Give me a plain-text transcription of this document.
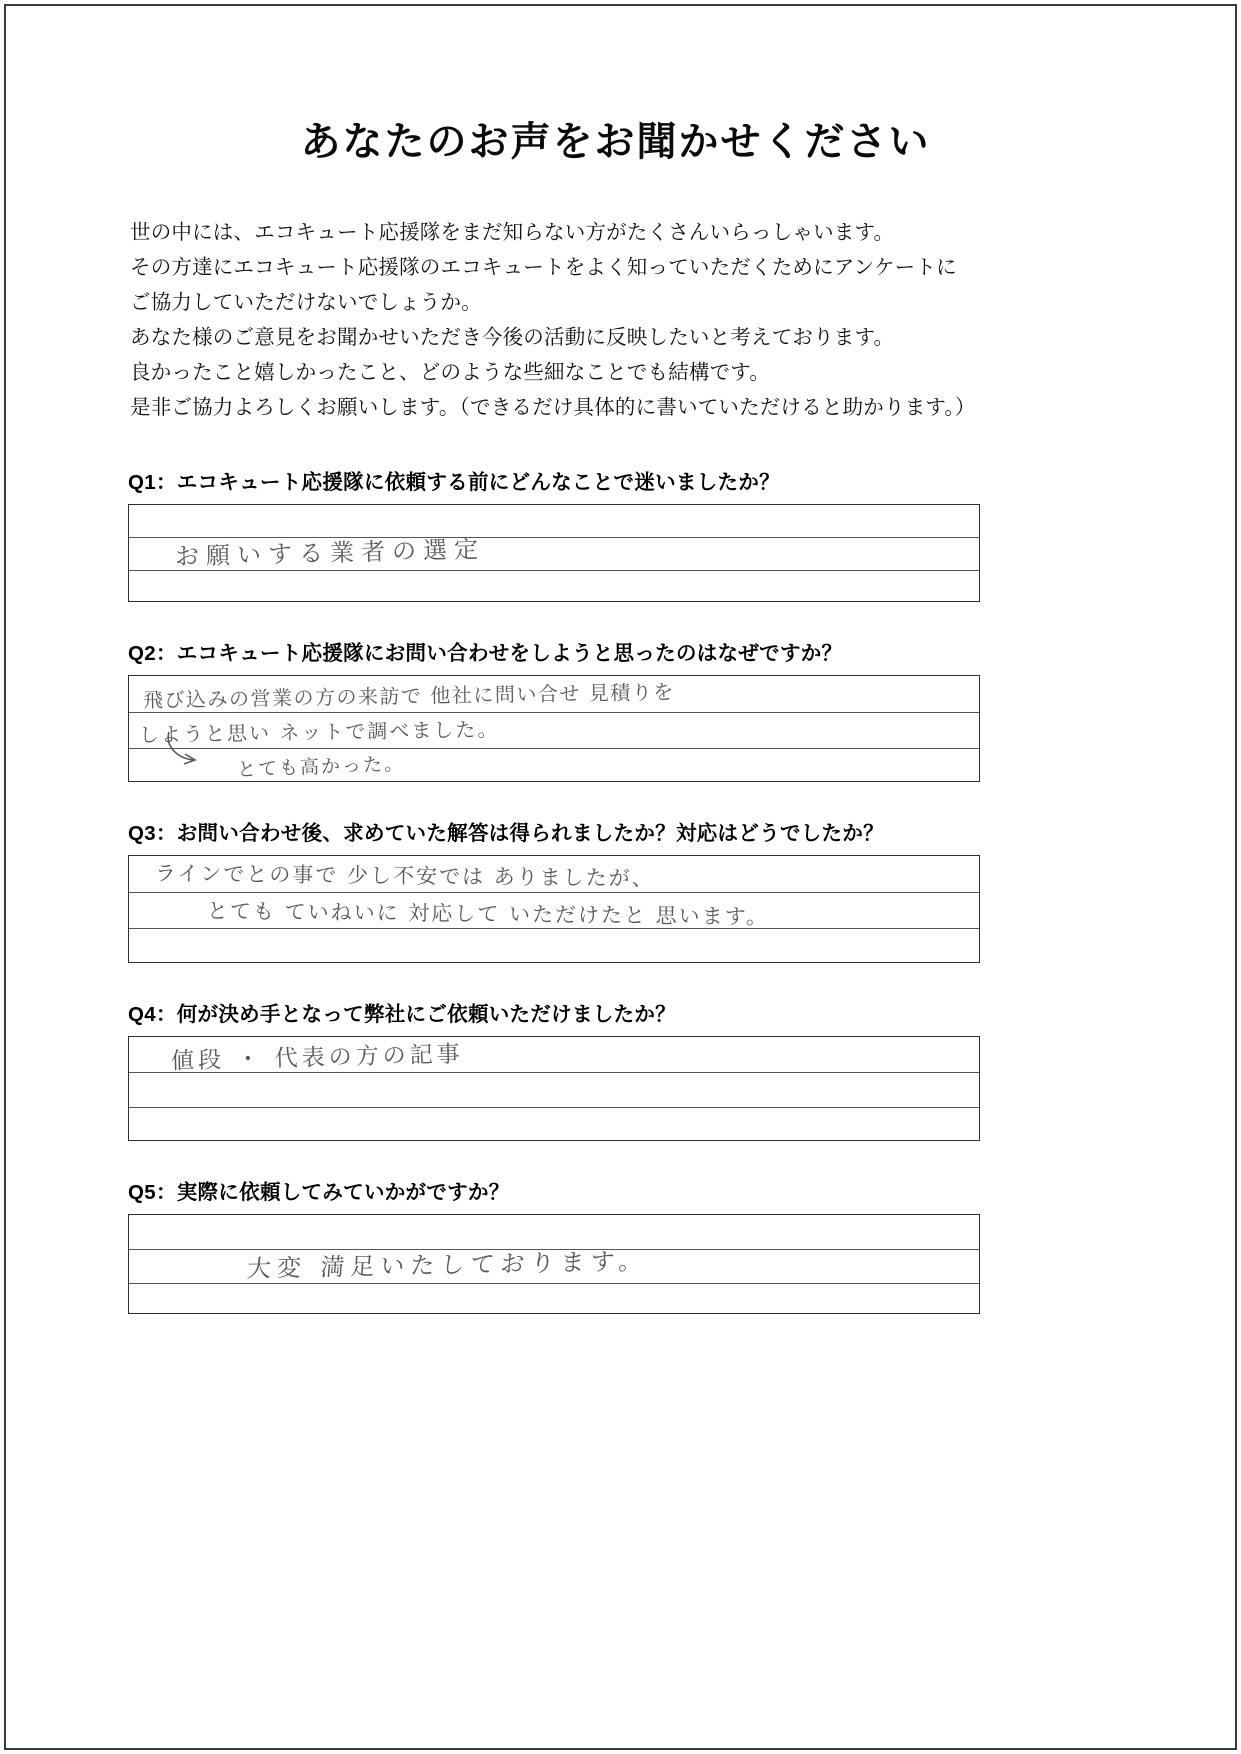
あなたのお声をお聞かせください
世の中には、エコキュート応援隊をまだ知らない方がたくさんいらっしゃいます。
その方達にエコキュート応援隊のエコキュートをよく知っていただくためにアンケートに
ご協力していただけないでしょうか。
あなた様のご意見をお聞かせいただき今後の活動に反映したいと考えております。
良かったこと嬉しかったこと、どのような些細なことでも結構です。
是非ご協力よろしくお願いします。（できるだけ具体的に書いていただけると助かります。）
Q1：エコキュート応援隊に依頼する前にどんなことで迷いましたか？
お願いする業者の選定
Q2：エコキュート応援隊にお問い合わせをしようと思ったのはなぜですか？
飛び込みの営業の方の来訪で 他社に問い合せ 見積りを
しようと思い ネットで調べました。
とても高かった。
Q3：お問い合わせ後、求めていた解答は得られましたか？対応はどうでしたか？
ラインでとの事で 少し不安では ありましたが、
とても ていねいに 対応して いただけたと 思います。
Q4：何が決め手となって弊社にご依頼いただけましたか？
値段 ・ 代表の方の記事
Q5：実際に依頼してみていかがですか？
大変 満足いたしております。
